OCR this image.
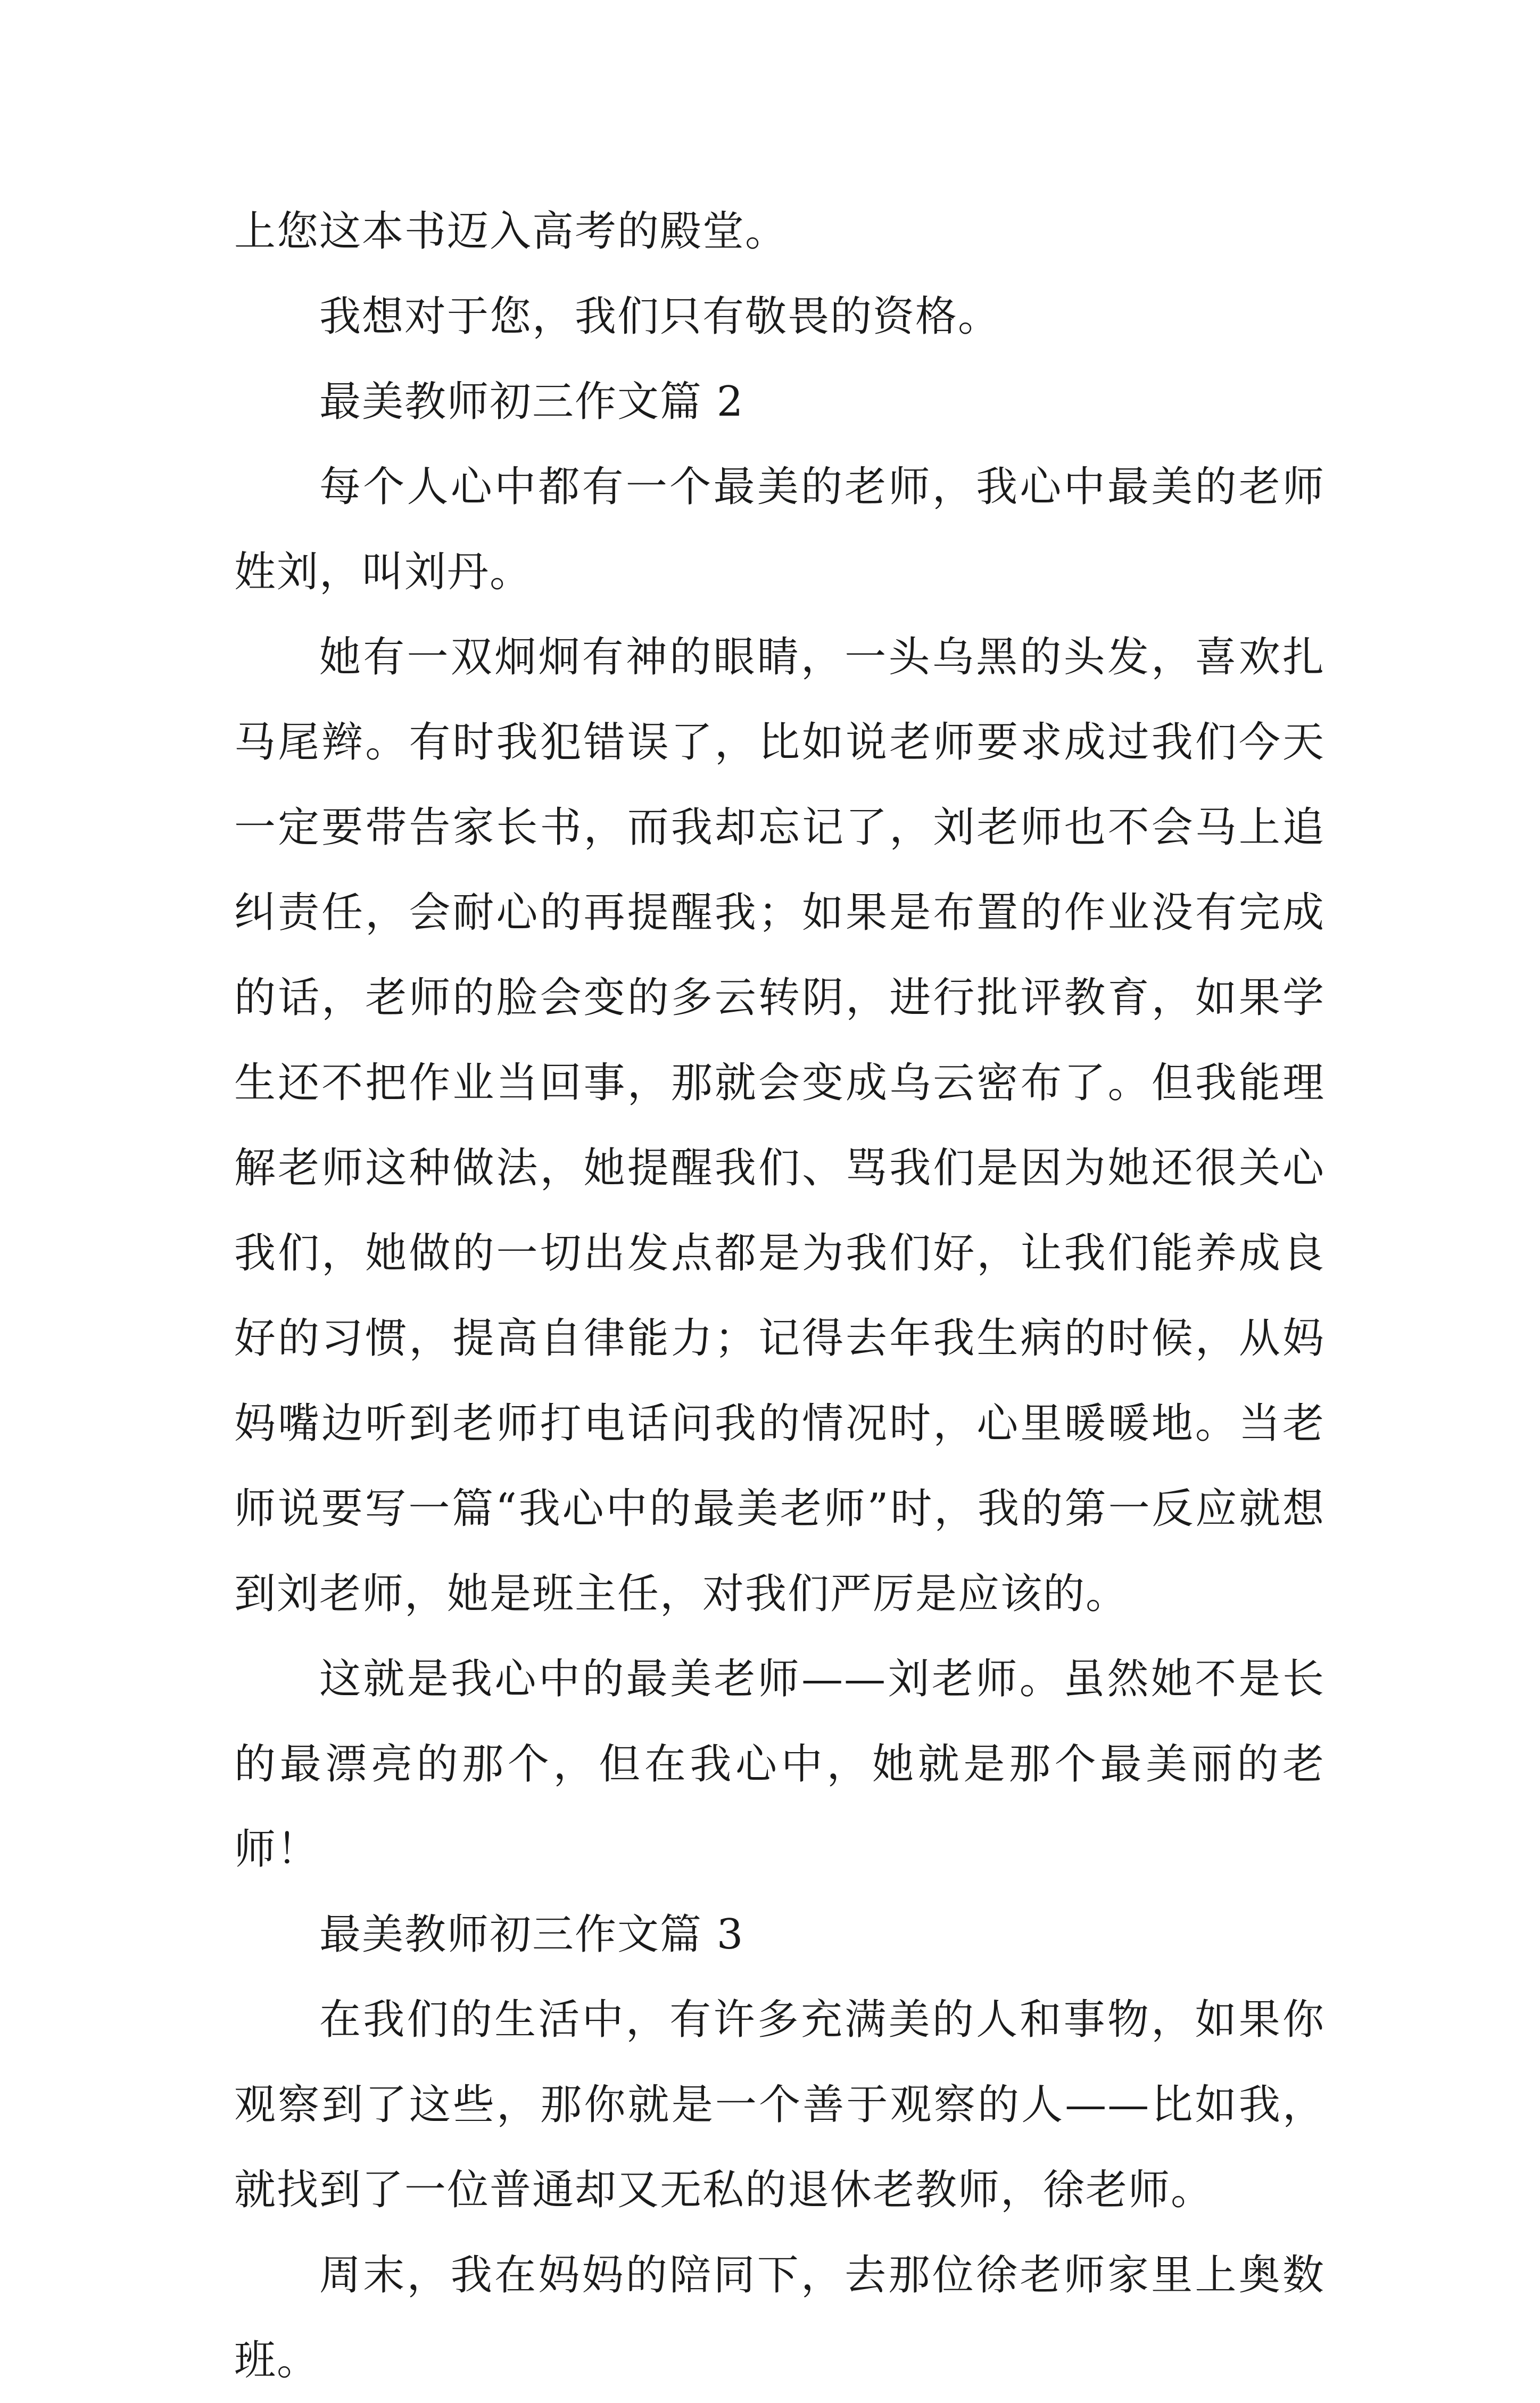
上您这本书迈入高考的殿堂。

我想对于您，我们只有敬畏的资格。

最美教师初三作文篇 2

每个人心中都有一个最美的老师，我心中最美的老师姓刘，叫刘丹。

她有一双炯炯有神的眼睛，一头乌黑的头发，喜欢扎马尾辫。有时我犯错误了，比如说老师要求成过我们今天一定要带告家长书，而我却忘记了，刘老师也不会马上追纠责任，会耐心的再提醒我；如果是布置的作业没有完成的话，老师的脸会变的多云转阴，进行批评教育，如果学生还不把作业当回事，那就会变成乌云密布了。但我能理解老师这种做法，她提醒我们、骂我们是因为她还很关心我们，她做的一切出发点都是为我们好，让我们能养成良好的习惯，提高自律能力；记得去年我生病的时候，从妈妈嘴边听到老师打电话问我的情况时，心里暖暖地。当老师说要写一篇“我心中的最美老师”时，我的第一反应就想到刘老师，她是班主任，对我们严厉是应该的。

这就是我心中的最美老师——刘老师。虽然她不是长的最漂亮的那个，但在我心中，她就是那个最美丽的老师！

最美教师初三作文篇 3

在我们的生活中，有许多充满美的人和事物，如果你观察到了这些，那你就是一个善于观察的人——比如我，就找到了一位普通却又无私的退休老教师，徐老师。

周末，我在妈妈的陪同下，去那位徐老师家里上奥数班。
